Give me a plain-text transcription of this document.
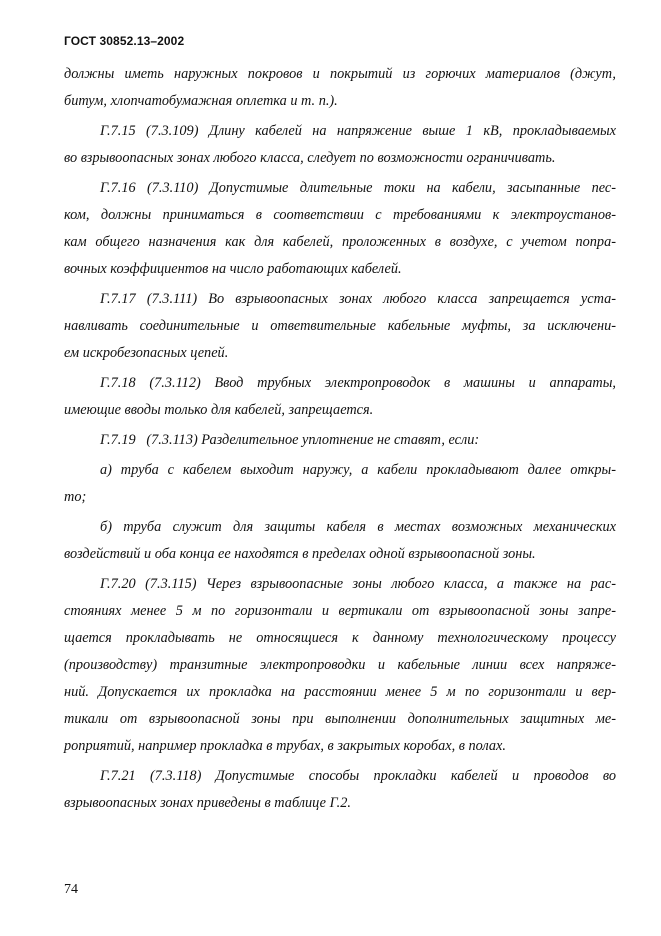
ГОСТ 30852.13–2002
должны иметь наружных покровов и покрытий из горючих материалов (джут,
битум, хлопчатобумажная оплетка и т. п.).
Г.7.15 (7.3.109) Длину кабелей на напряжение выше 1 кВ, прокладываемых
во взрывоопасных зонах любого класса, следует по возможности ограничивать.
Г.7.16 (7.3.110) Допустимые длительные токи на кабели, засыпанные пес-
ком, должны приниматься в соответствии с требованиями к электроустанов-
кам общего назначения как для кабелей, проложенных в воздухе, с учетом попра-
вочных коэффициентов на число работающих кабелей.
Г.7.17 (7.3.111) Во взрывоопасных зонах любого класса запрещается уста-
навливать соединительные и ответвительные кабельные муфты, за исключени-
ем искробезопасных цепей.
Г.7.18 (7.3.112) Ввод трубных электропроводок в машины и аппараты,
имеющие вводы только для кабелей, запрещается.
Г.7.19   (7.3.113) Разделительное уплотнение не ставят, если:
а) труба с кабелем выходит наружу, а кабели прокладывают далее откры-
то;
б) труба служит для защиты кабеля в местах возможных механических
воздействий и оба конца ее находятся в пределах одной взрывоопасной зоны.
Г.7.20 (7.3.115) Через взрывоопасные зоны любого класса, а также на рас-
стояниях менее 5 м по горизонтали и вертикали от взрывоопасной зоны запре-
щается прокладывать не относящиеся к данному технологическому процессу
(производству) транзитные электропроводки и кабельные линии всех напряже-
ний. Допускается их прокладка на расстоянии менее 5 м по горизонтали и вер-
тикали от взрывоопасной зоны при выполнении дополнительных защитных ме-
роприятий, например прокладка в трубах, в закрытых коробах, в полах.
Г.7.21 (7.3.118) Допустимые способы прокладки кабелей и проводов во
взрывоопасных зонах приведены в таблице Г.2.
74
